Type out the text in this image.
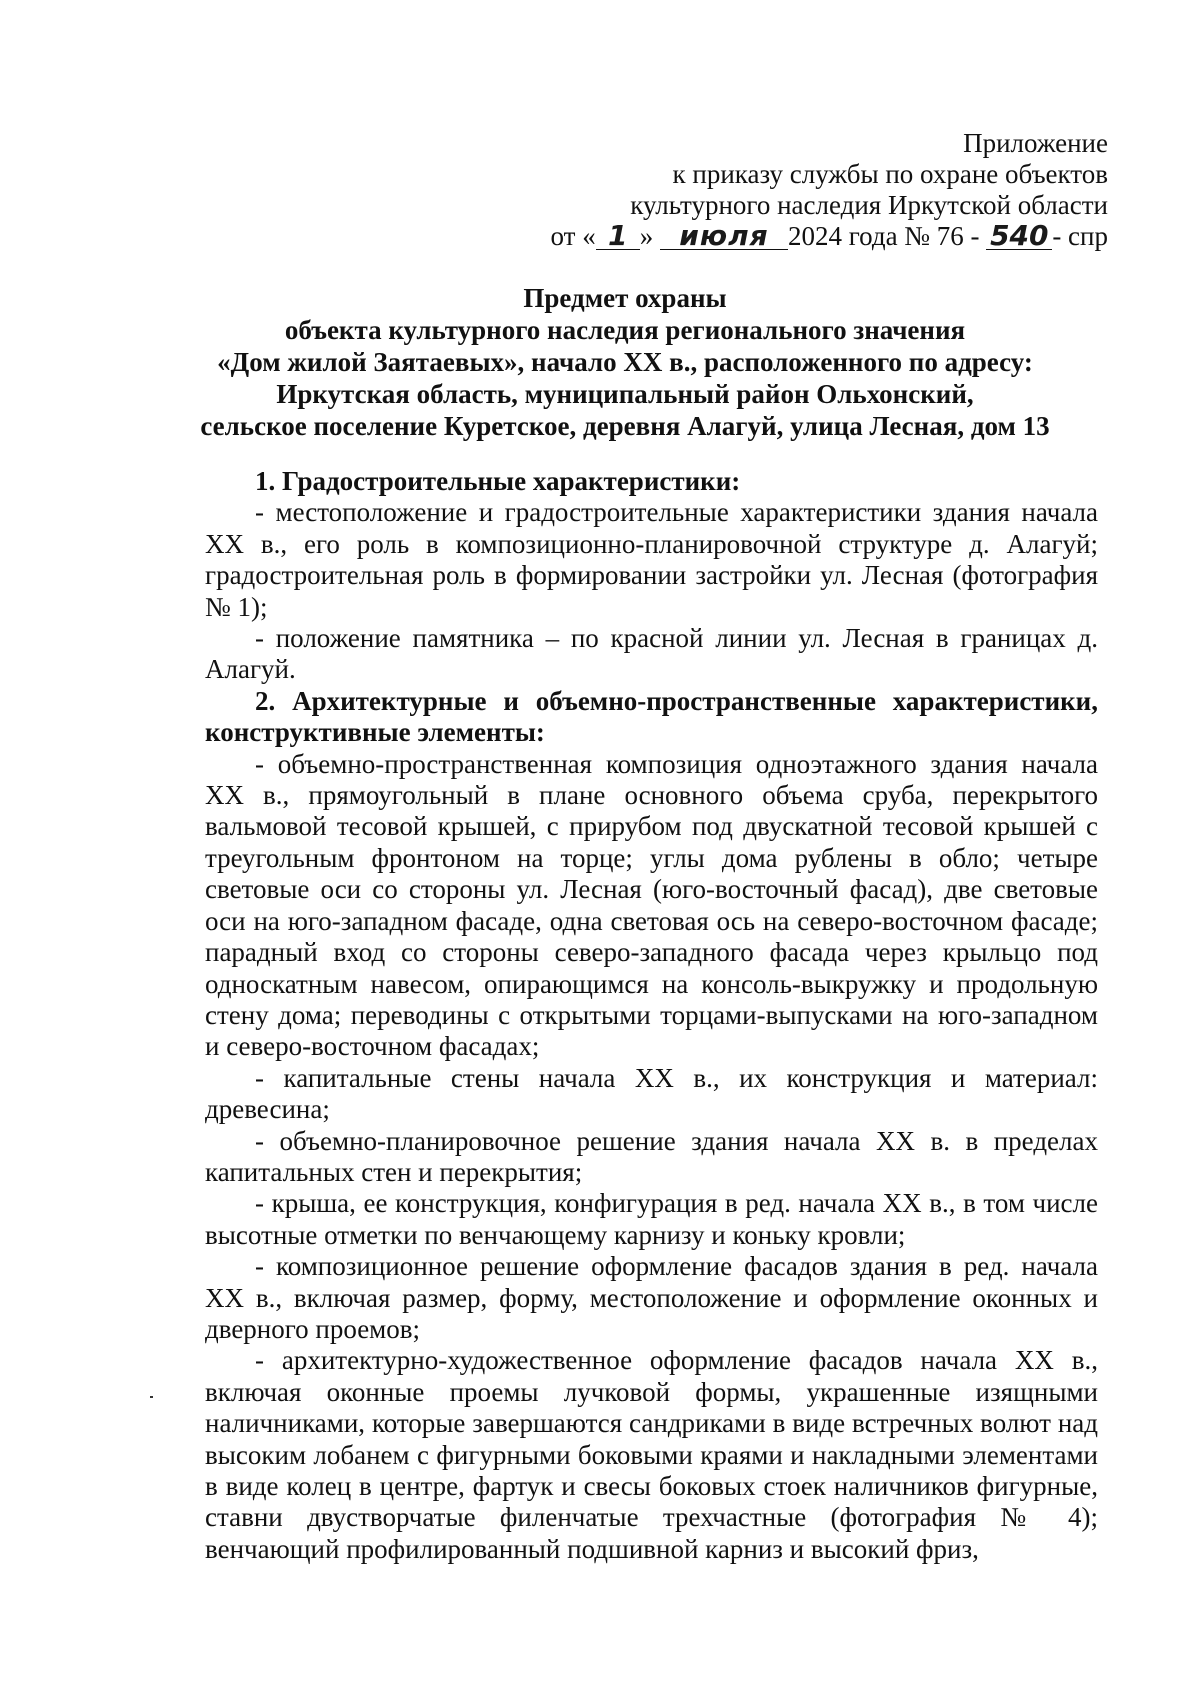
Приложение
к приказу службы по охране объектов
культурного наследия Иркутской области
от « 1 » июля 2024 года № 76 - 540 - спр
Предмет охраны
объекта культурного наследия регионального значения
«Дом жилой Заятаевых», начало XX в., расположенного по адресу:
Иркутская область, муниципальный район Ольхонский,
сельское поселение Куретское, деревня Алагуй, улица Лесная, дом 13

1. Градостроительные характеристики:

- местоположение и градостроительные характеристики здания начала XX в., его роль в композиционно-планировочной структуре д. Алагуй; градостроительная роль в формировании застройки ул. Лесная (фотография № 1);

- положение памятника – по красной линии ул. Лесная в границах д. Алагуй.

2. Архитектурные и объемно-пространственные характеристики, конструктивные элементы:

- объемно-пространственная композиция одноэтажного здания начала XX в., прямоугольный в плане основного объема сруба, перекрытого вальмовой тесовой крышей, с прирубом под двускатной тесовой крышей с треугольным фронтоном на торце; углы дома рублены в обло; четыре световые оси со стороны ул. Лесная (юго-восточный фасад), две световые оси на юго-западном фасаде, одна световая ось на северо-восточном фасаде; парадный вход со стороны северо-западного фасада через крыльцо под односкатным навесом, опирающимся на консоль-выкружку и продольную стену дома; переводины с открытыми торцами-выпусками на юго-западном и северо-восточном фасадах;

- капитальные стены начала XX в., их конструкция и материал: древесина;

- объемно-планировочное решение здания начала XX в. в пределах капитальных стен и перекрытия;

- крыша, ее конструкция, конфигурация в ред. начала XX в., в том числе высотные отметки по венчающему карнизу и коньку кровли;

- композиционное решение оформление фасадов здания в ред. начала XX в., включая размер, форму, местоположение и оформление оконных и дверного проемов;

- архитектурно-художественное оформление фасадов начала XX в., включая оконные проемы лучковой формы, украшенные изящными наличниками, которые завершаются сандриками в виде встречных волют над высоким лобанем с фигурными боковыми краями и накладными элементами в виде колец в центре, фартук и свесы боковых стоек наличников фигурные, ставни двустворчатые филенчатые трехчастные (фотография № 4); венчающий профилированный подшивной карниз и высокий фриз,
